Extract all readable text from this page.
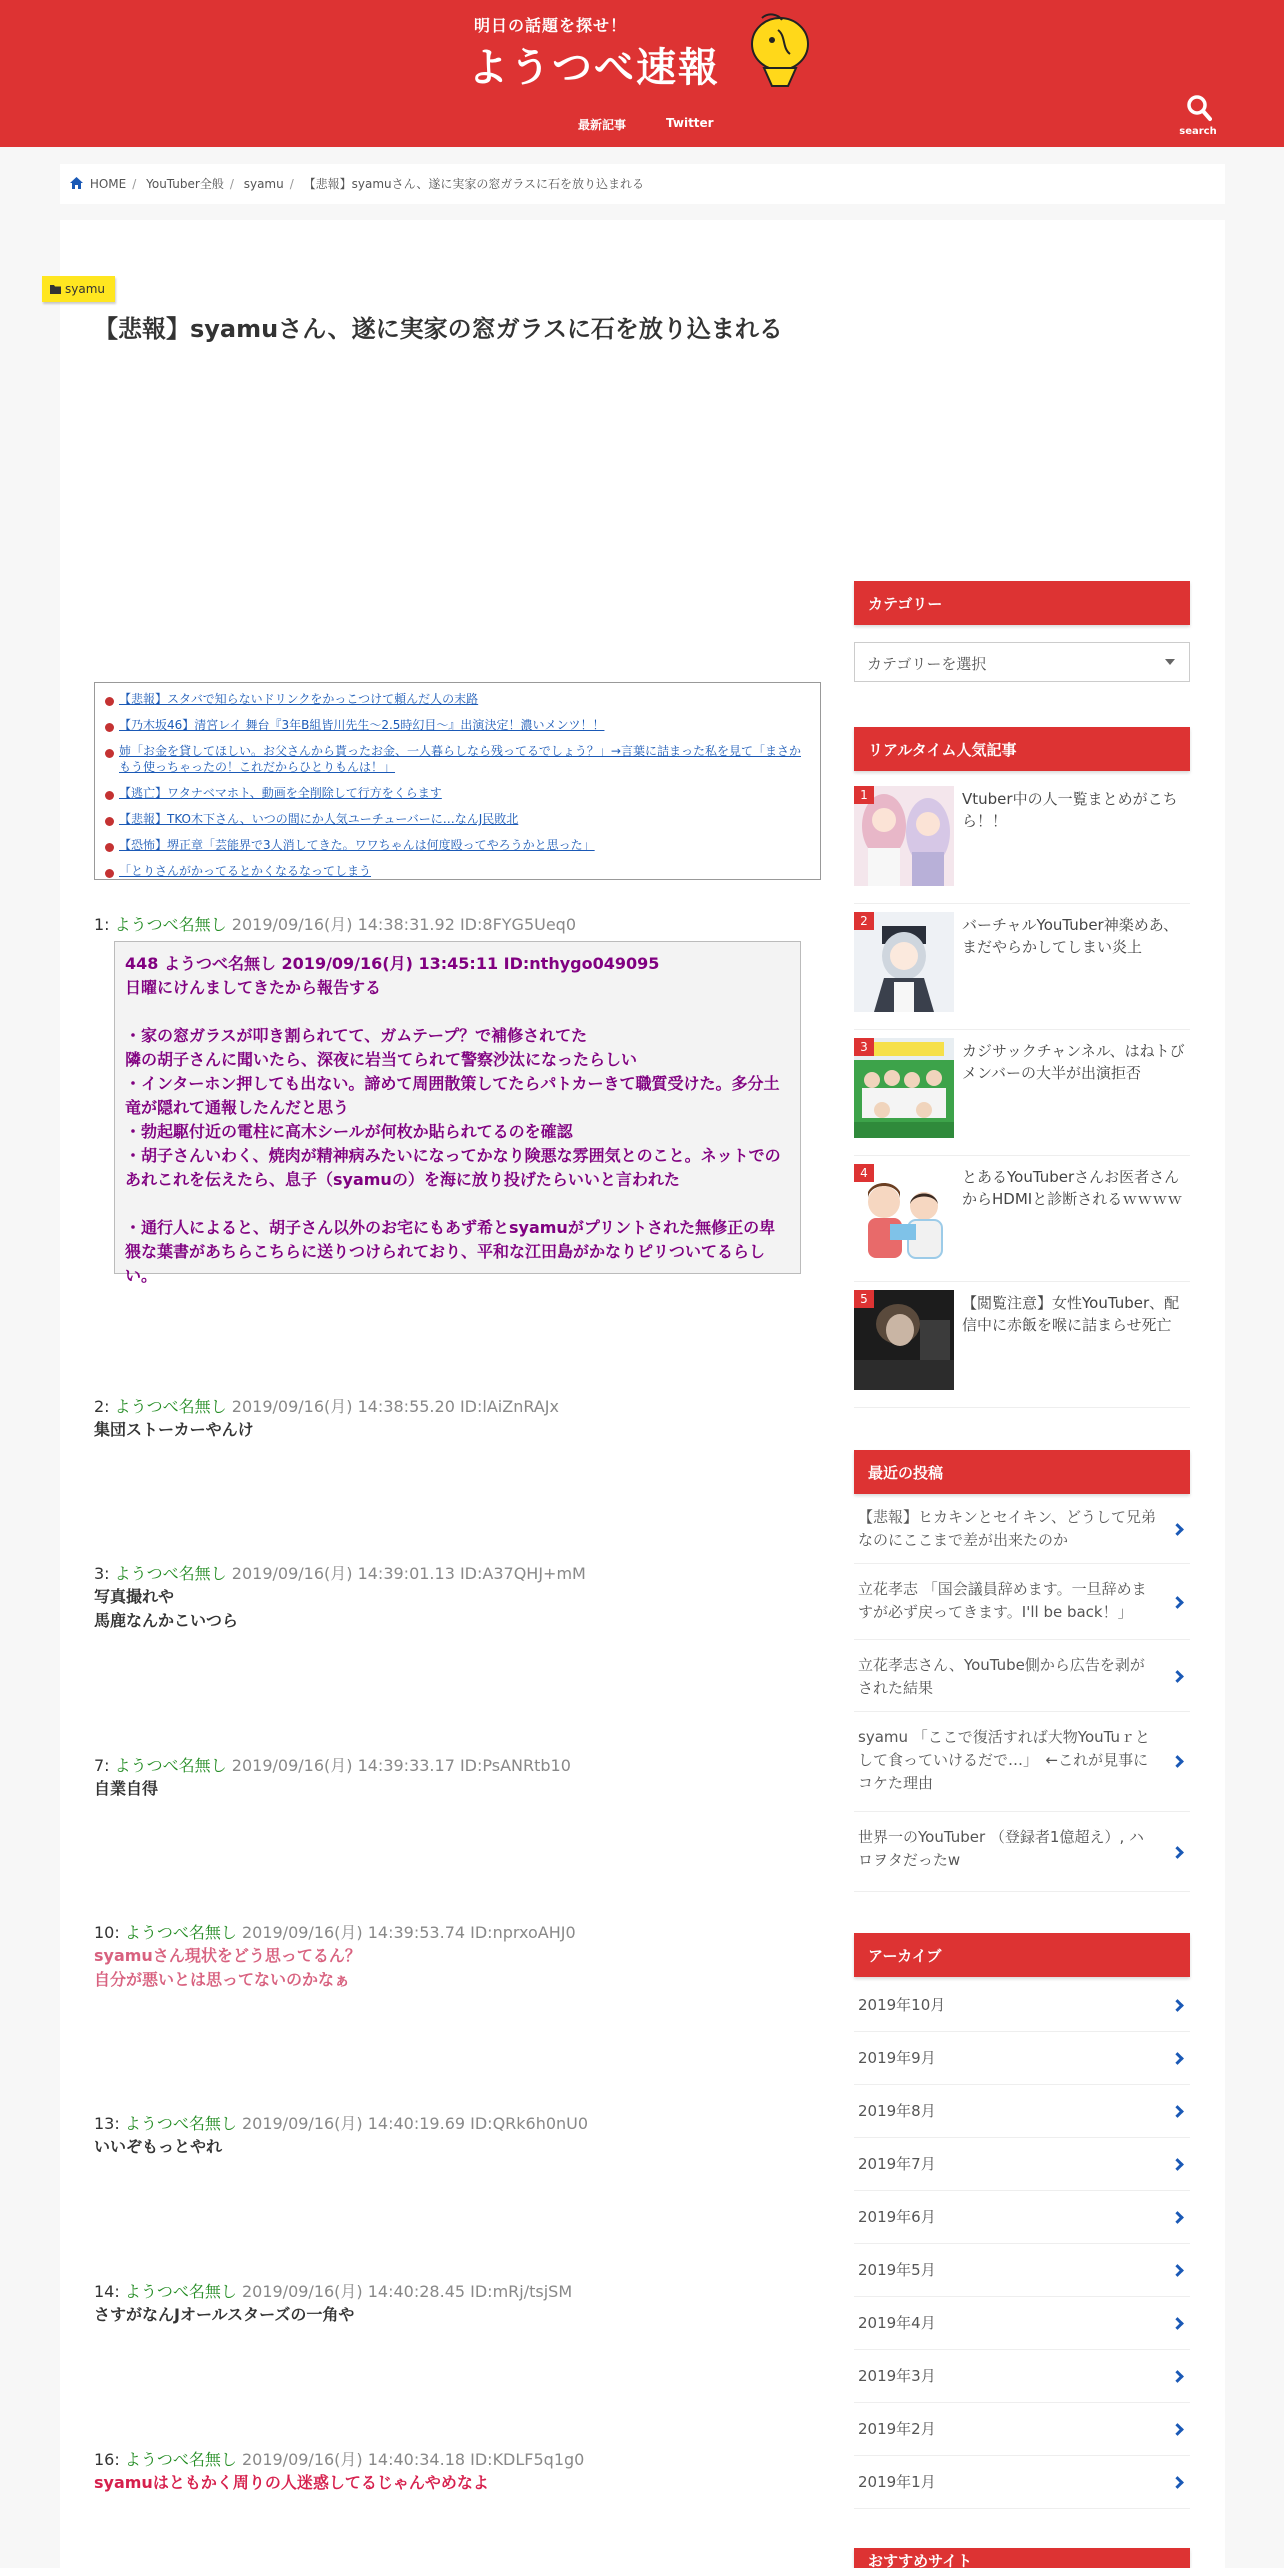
明日の話題を探せ！
ようつべ速報
最新記事	Twitter
search
HOME / YouTuber全般 / syamu / 【悲報】syamuさん、遂に実家の窓ガラスに石を放り込まれる
syamu
【悲報】syamuさん、遂に実家の窓ガラスに石を放り込まれる
【悲報】スタバで知らないドリンクをかっこつけて頼んだ人の末路
【乃木坂46】清宮レイ 舞台『3年B組皆川先生～2.5時幻目～』出演決定！濃いメンツ！！
姉「お金を貸してほしい。お父さんから貰ったお金、一人暮らしなら残ってるでしょう？」→言葉に詰まった私を見て「まさかもう使っちゃったの！これだからひとりもんは！」
【逃亡】ワタナベマホト、動画を全削除して行方をくらます
【悲報】TKO木下さん、いつの間にか人気ユーチューバーに…なんJ民敗北
【恐怖】堺正章「芸能界で3人消してきた。ワワちゃんは何度殴ってやろうかと思った」
「とりさんがかってるとかくなるなってしまう
1: ようつべ名無し 2019/09/16(月) 14:38:31.92 ID:8FYG5Ueq0

448 ようつべ名無し 2019/09/16(月) 13:45:11 ID:nthygo049095

日曜にけんましてきたから報告する

・家の窓ガラスが叩き割られてて、ガムテープ？で補修されてた

隣の胡子さんに聞いたら、深夜に岩当てられて警察沙汰になったらしい

・インターホン押しても出ない。諦めて周囲散策してたらパトカーきて職質受けた。多分土竜が隠れて通報したんだと思う

・勃起駆付近の電柱に高木シールが何枚か貼られてるのを確認

・胡子さんいわく、焼肉が精神病みたいになってかなり険悪な雰囲気とのこと。ネットでのあれこれを伝えたら、息子（syamuの）を海に放り投げたらいいと言われた

・通行人によると、胡子さん以外のお宅にもあず希とsyamuがプリントされた無修正の卑猥な葉書があちらこちらに送りつけられており、平和な江田島がかなりピリついてるらしい。

2: ようつべ名無し 2019/09/16(月) 14:38:55.20 ID:lAiZnRAJx
集団ストーカーやんけ
3: ようつべ名無し 2019/09/16(月) 14:39:01.13 ID:A37QHJ+mM
写真撮れや
馬鹿なんかこいつら
7: ようつべ名無し 2019/09/16(月) 14:39:33.17 ID:PsANRtb10
自業自得
10: ようつべ名無し 2019/09/16(月) 14:39:53.74 ID:nprxoAHJ0
syamuさん現状をどう思ってるん？
自分が悪いとは思ってないのかなぁ
13: ようつべ名無し 2019/09/16(月) 14:40:19.69 ID:QRk6h0nU0
いいぞもっとやれ
14: ようつべ名無し 2019/09/16(月) 14:40:28.45 ID:mRj/tsjSM
さすがなんJオールスターズの一角や
16: ようつべ名無し 2019/09/16(月) 14:40:34.18 ID:KDLF5q1g0
syamuはともかく周りの人迷惑してるじゃんやめなよ
カテゴリー
カテゴリーを選択
リアルタイム人気記事
1	Vtuber中の人一覧まとめがこちら！！
2	バーチャルYouTuber神楽めあ、まだやらかしてしまい炎上
3	カジサックチャンネル、はねトびメンバーの大半が出演拒否
4	とあるYouTuberさんお医者さんからHDMIと診断されるｗｗｗｗ
5	【閲覧注意】女性YouTuber、配信中に赤飯を喉に詰まらせ死亡
最近の投稿
【悲報】ヒカキンとセイキン、どうして兄弟なのにここまで差が出来たのか
立花孝志 「国会議員辞めます。一旦辞めますが必ず戻ってきます。I'll be back！」
立花孝志さん、YouTube側から広告を剥がされた結果
syamu 「ここで復活すれば大物YouTuｒとして食っていけるだで…」　←これが見事にコケた理由
世界一のYouTuber （登録者1億超え）, ハロヲタだったw
アーカイブ
2019年10月
2019年9月
2019年8月
2019年7月
2019年6月
2019年5月
2019年4月
2019年3月
2019年2月
2019年1月
おすすめサイト
